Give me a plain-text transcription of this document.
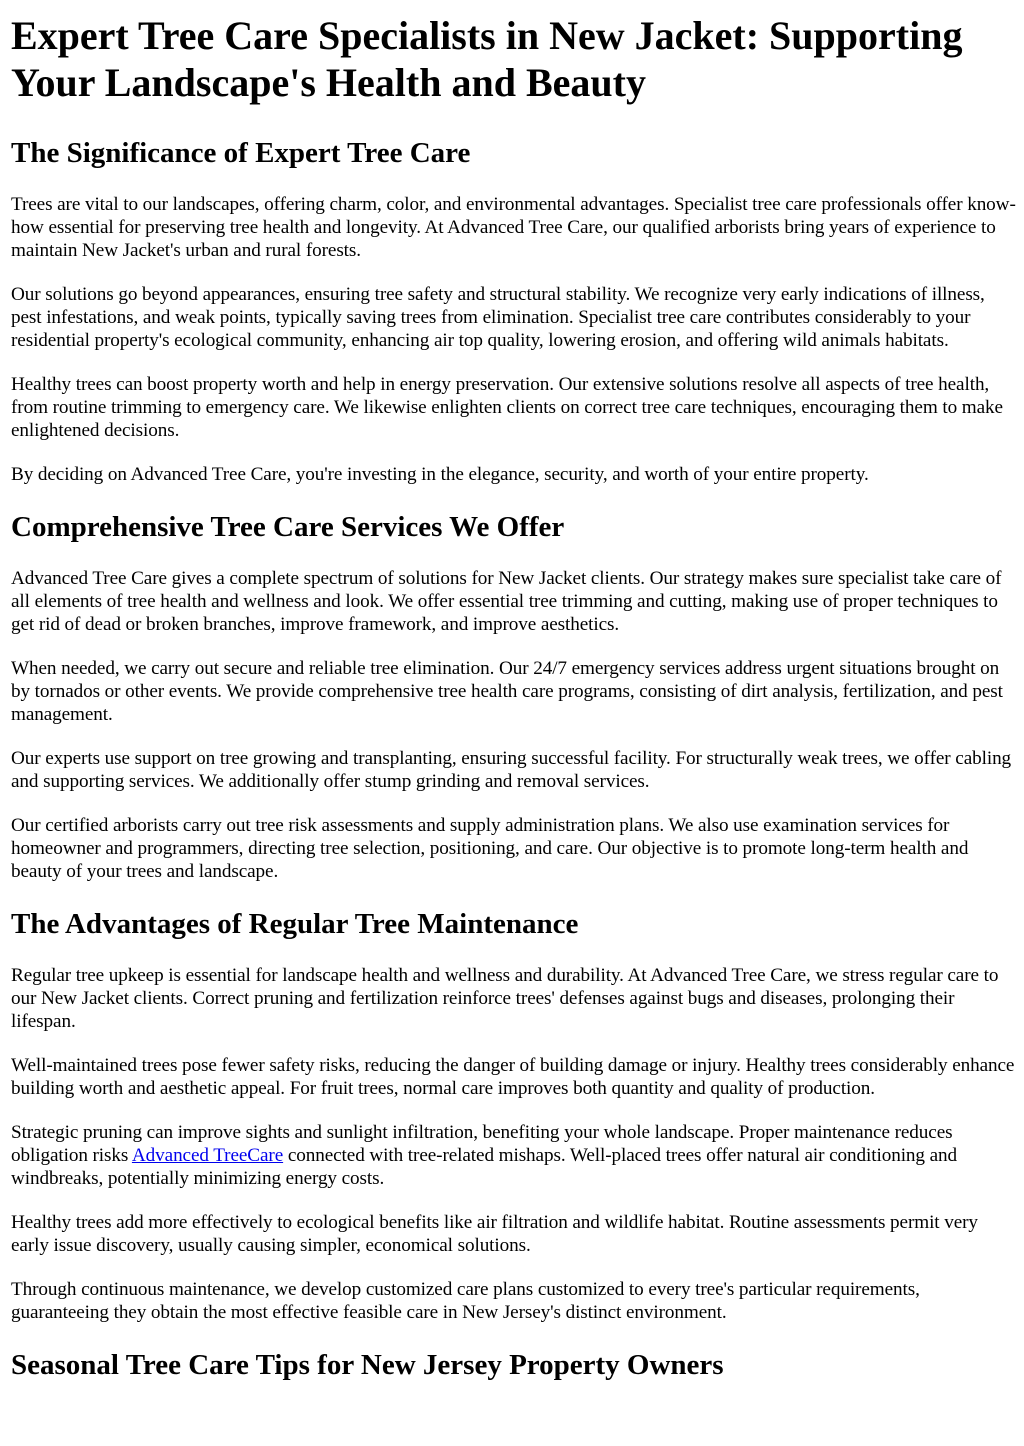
Expert Tree Care Specialists in New Jacket: Supporting Your Landscape's Health and Beauty
The Significance of Expert Tree Care

Trees are vital to our landscapes, offering charm, color, and environmental advantages. Specialist tree care professionals offer know-how essential for preserving tree health and longevity. At Advanced Tree Care, our qualified arborists bring years of experience to maintain New Jacket's urban and rural forests.

Our solutions go beyond appearances, ensuring tree safety and structural stability. We recognize very early indications of illness, pest infestations, and weak points, typically saving trees from elimination. Specialist tree care contributes considerably to your residential property's ecological community, enhancing air top quality, lowering erosion, and offering wild animals habitats.

Healthy trees can boost property worth and help in energy preservation. Our extensive solutions resolve all aspects of tree health, from routine trimming to emergency care. We likewise enlighten clients on correct tree care techniques, encouraging them to make enlightened decisions.

By deciding on Advanced Tree Care, you're investing in the elegance, security, and worth of your entire property.

Comprehensive Tree Care Services We Offer

Advanced Tree Care gives a complete spectrum of solutions for New Jacket clients. Our strategy makes sure specialist take care of all elements of tree health and wellness and look. We offer essential tree trimming and cutting, making use of proper techniques to get rid of dead or broken branches, improve framework, and improve aesthetics.

When needed, we carry out secure and reliable tree elimination. Our 24/7 emergency services address urgent situations brought on by tornados or other events. We provide comprehensive tree health care programs, consisting of dirt analysis, fertilization, and pest management.

Our experts use support on tree growing and transplanting, ensuring successful facility. For structurally weak trees, we offer cabling and supporting services. We additionally offer stump grinding and removal services.

Our certified arborists carry out tree risk assessments and supply administration plans. We also use examination services for homeowner and programmers, directing tree selection, positioning, and care. Our objective is to promote long-term health and beauty of your trees and landscape.

The Advantages of Regular Tree Maintenance

Regular tree upkeep is essential for landscape health and wellness and durability. At Advanced Tree Care, we stress regular care to our New Jacket clients. Correct pruning and fertilization reinforce trees' defenses against bugs and diseases, prolonging their lifespan.

Well-maintained trees pose fewer safety risks, reducing the danger of building damage or injury. Healthy trees considerably enhance building worth and aesthetic appeal. For fruit trees, normal care improves both quantity and quality of production.

Strategic pruning can improve sights and sunlight infiltration, benefiting your whole landscape. Proper maintenance reduces obligation risks Advanced TreeCare connected with tree-related mishaps. Well-placed trees offer natural air conditioning and windbreaks, potentially minimizing energy costs.

Healthy trees add more effectively to ecological benefits like air filtration and wildlife habitat. Routine assessments permit very early issue discovery, usually causing simpler, economical solutions.

Through continuous maintenance, we develop customized care plans customized to every tree's particular requirements, guaranteeing they obtain the most effective feasible care in New Jersey's distinct environment.

Seasonal Tree Care Tips for New Jersey Property Owners
